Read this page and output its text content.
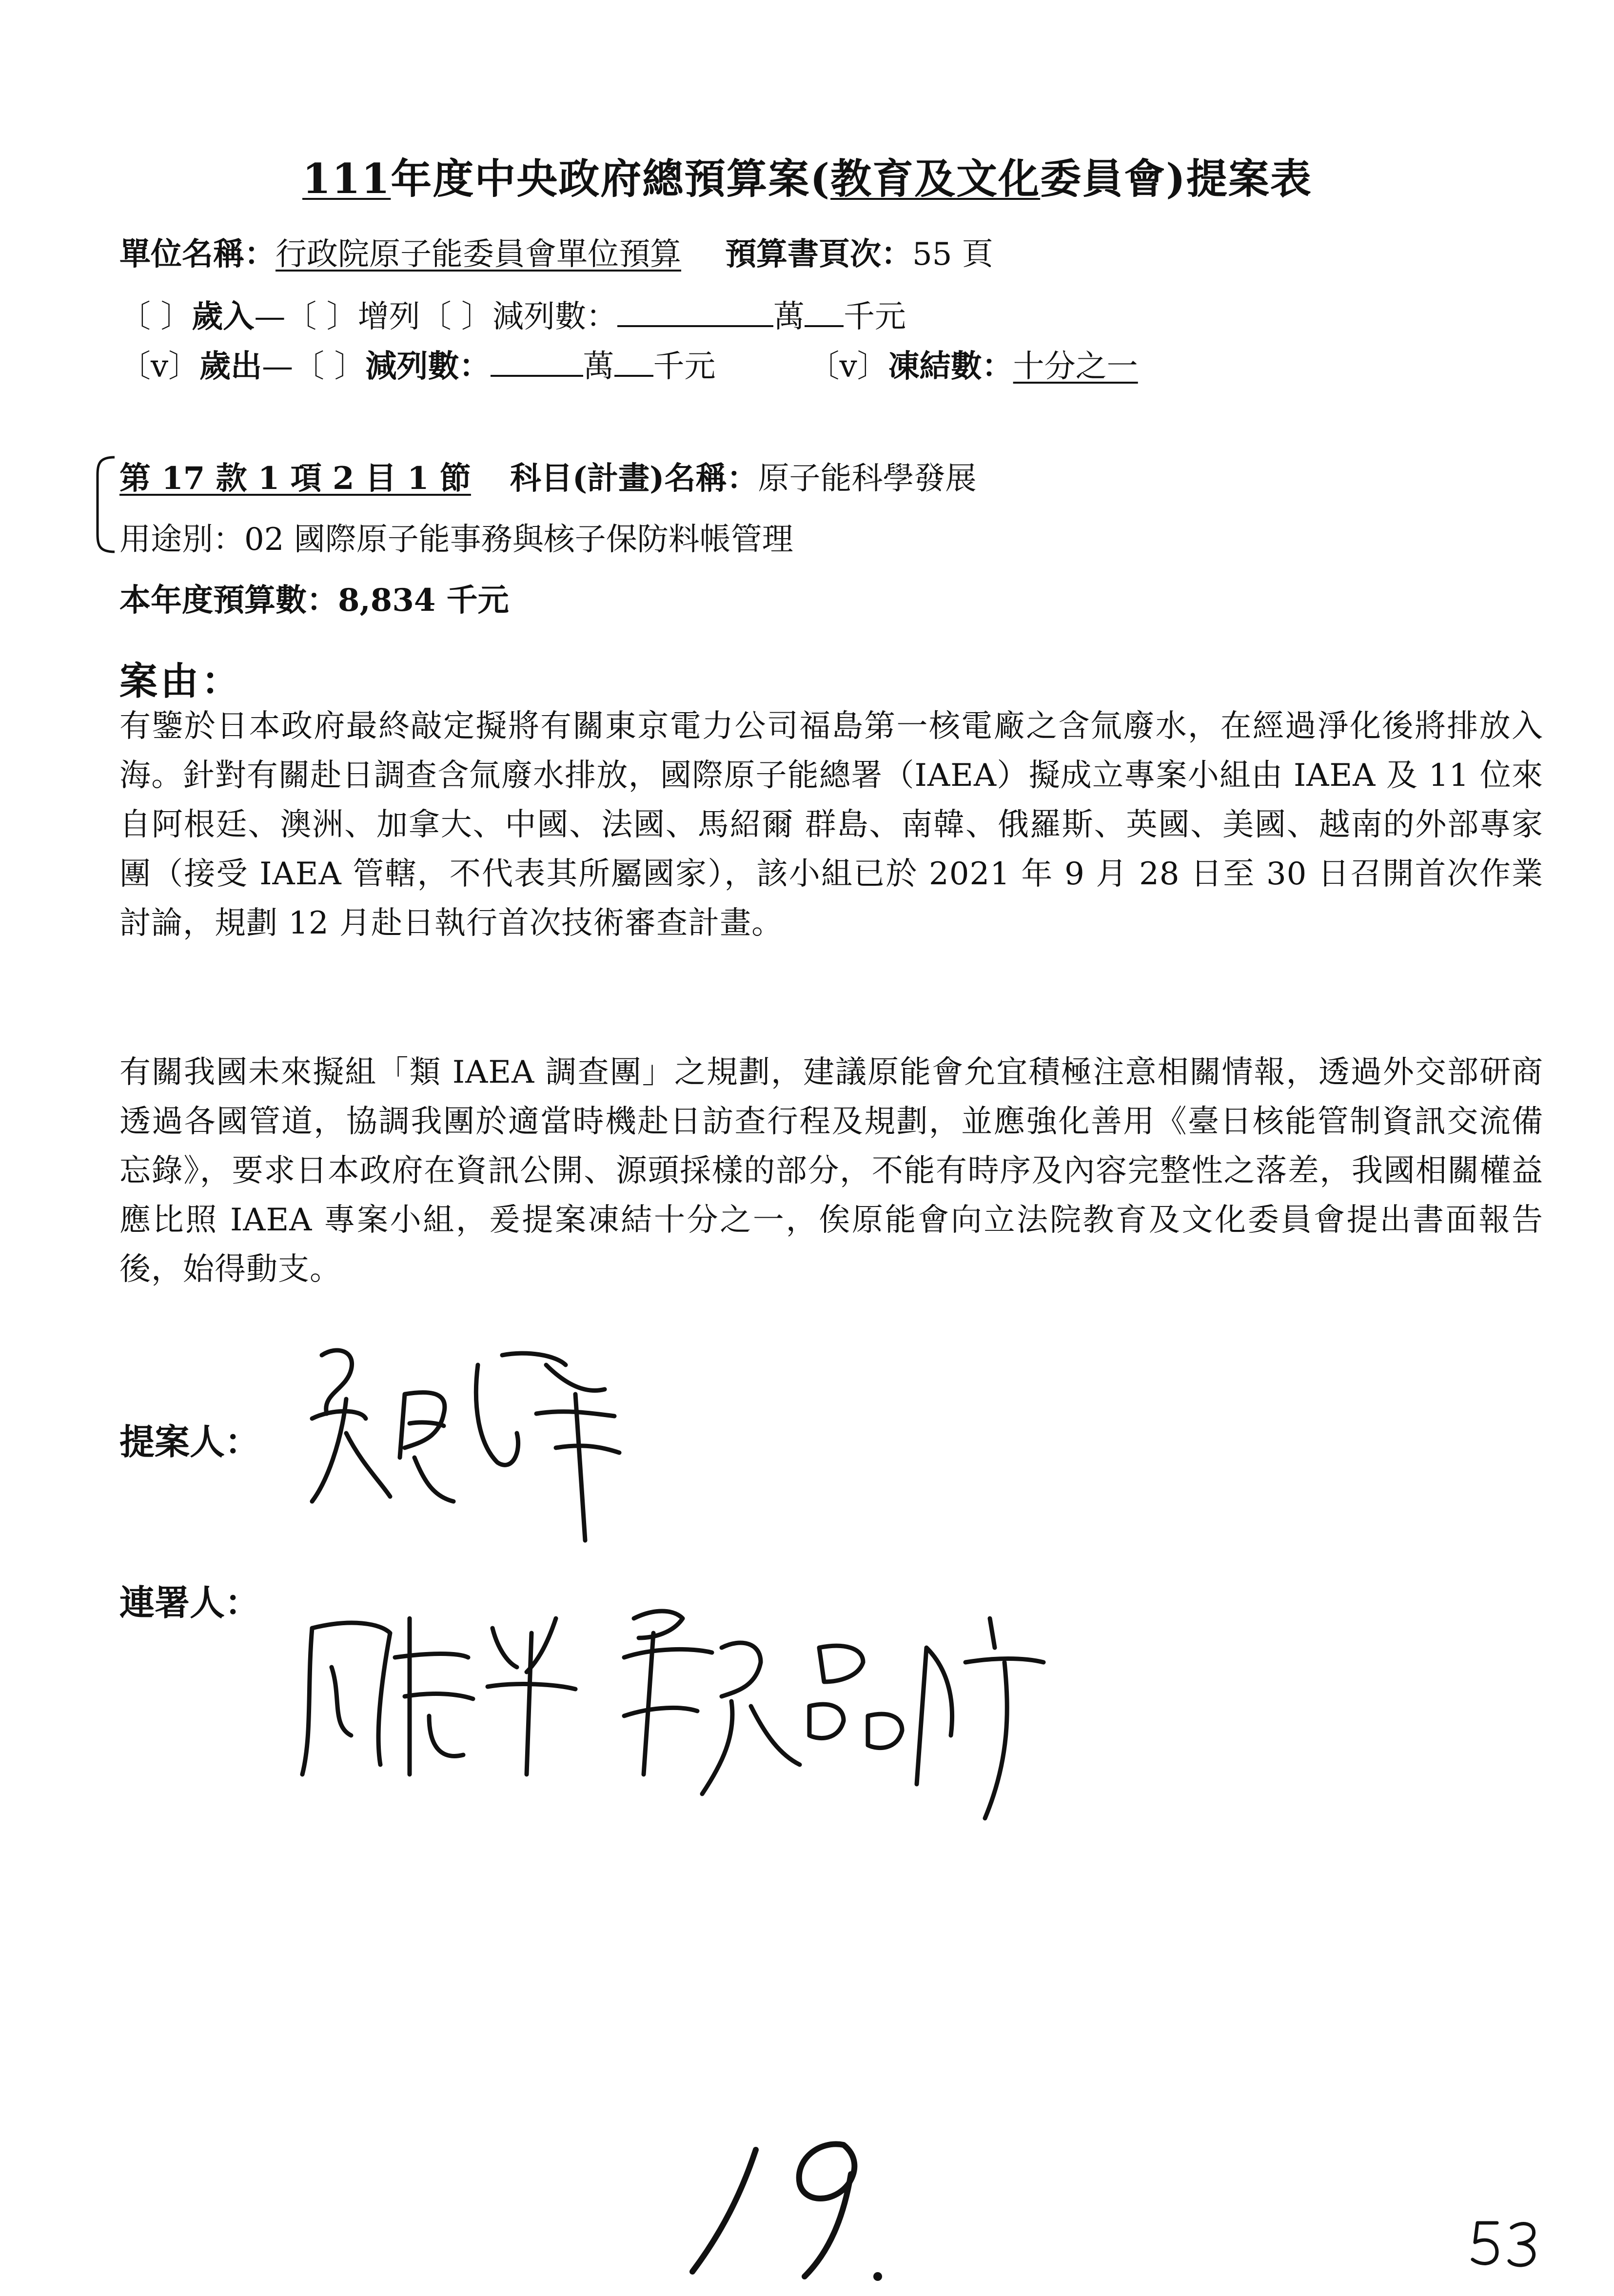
111年度中央政府總預算案(教育及文化委員會)提案表
單位名稱：行政院原子能委員會單位預算 預算書頁次：55 頁
〔 〕歲入—〔 〕增列〔 〕減列數：	萬 千元
〔v〕歲出—〔 〕減列數：	萬 千元	〔v〕凍結數：十分之一
第 17 款 1 項 2 目 1 節 科目(計畫)名稱：原子能科學發展
用途別：02 國際原子能事務與核子保防料帳管理
本年度預算數：8,834 千元
案由：
有鑒於日本政府最終敲定擬將有關東京電力公司福島第一核電廠之含氚廢水，在經過淨化後將排放入海。針對有關赴日調查含氚廢水排放，國際原子能總署（IAEA）擬成立專案小組由 IAEA 及 11 位來自阿根廷、澳洲、加拿大、中國、法國、馬紹爾 群島、南韓、俄羅斯、英國、美國、越南的外部專家團（接受 IAEA 管轄，不代表其所屬國家），該小組已於 2021 年 9 月 28 日至 30 日召開首次作業討論，規劃 12 月赴日執行首次技術審查計畫。
有關我國未來擬組「類 IAEA 調查團」之規劃，建議原能會允宜積極注意相關情報，透過外交部研商透過各國管道，協調我團於適當時機赴日訪查行程及規劃，並應強化善用《臺日核能管制資訊交流備忘錄》，要求日本政府在資訊公開、源頭採樣的部分，不能有時序及內容完整性之落差，我國相關權益應比照 IAEA 專案小組，爰提案凍結十分之一，俟原能會向立法院教育及文化委員會提出書面報告後，始得動支。
提案人：
連署人：
19.
53
